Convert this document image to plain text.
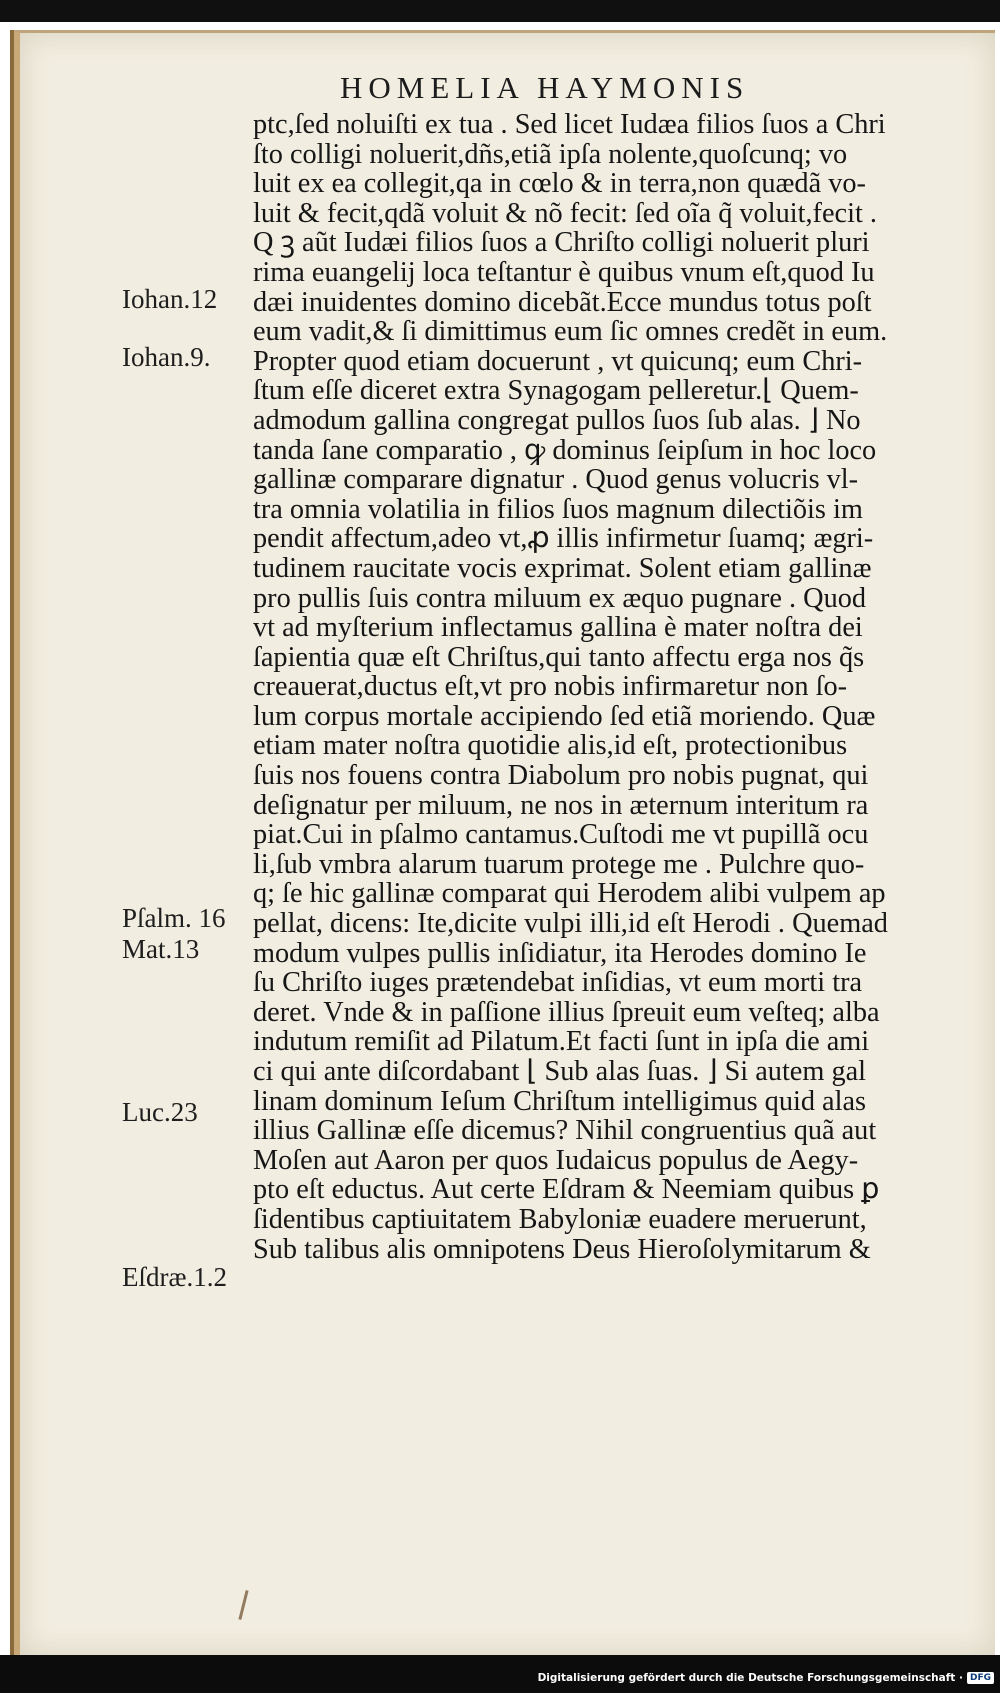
HOMELIA HAYMONIS
ptc,ſed noluiſti ex tua . Sed licet Iudæa filios ſuos a Chri
ſto colligi noluerit,dñs,etiã ipſa nolente,quoſcunq; vo
luit ex ea collegit,qa in cœlo & in terra,non quædã vo-
luit & fecit,qdã voluit & nõ fecit: ſed oĩa q̃ voluit,fecit .
Q ꝫ aũt Iudæi filios ſuos a Chriſto colligi noluerit pluri
rima euangelij loca teſtantur è quibus vnum eſt,quod Iu
dæi inuidentes domino dicebãt.Ecce mundus totus poſt
eum vadit,& ſi dimittimus eum ſic omnes credẽt in eum.
Propter quod etiam docuerunt , vt quicunq; eum Chri-
ſtum eſſe diceret extra Synagogam pelleretur.⌊ Quem-
admodum gallina congregat pullos ſuos ſub alas. ⌋ No
tanda ſane comparatio , ꝙ dominus ſeipſum in hoc loco
gallinæ comparare dignatur . Quod genus volucris vl-
tra omnia volatilia in filios ſuos magnum dilectiõis im
pendit affectum,adeo vt,ꝓ illis infirmetur ſuamq; ægri-
tudinem raucitate vocis exprimat. Solent etiam gallinæ
pro pullis ſuis contra miluum ex æquo pugnare . Quod
vt ad myſterium inflectamus gallina è mater noſtra dei
ſapientia quæ eſt Chriſtus,qui tanto affectu erga nos q̃s
creauerat,ductus eſt,vt pro nobis infirmaretur non ſo-
lum corpus mortale accipiendo ſed etiã moriendo. Quæ
etiam mater noſtra quotidie alis,id eſt, protectionibus
ſuis nos fouens contra Diabolum pro nobis pugnat, qui
deſignatur per miluum, ne nos in æternum interitum ra
piat.Cui in pſalmo cantamus.Cuſtodi me vt pupillã ocu
li,ſub vmbra alarum tuarum protege me . Pulchre quo-
q; ſe hic gallinæ comparat qui Herodem alibi vulpem ap
pellat, dicens: Ite,dicite vulpi illi,id eſt Herodi . Quemad
modum vulpes pullis inſidiatur, ita Herodes domino Ie
ſu Chriſto iuges prætendebat inſidias, vt eum morti tra
deret. Vnde & in paſſione illius ſpreuit eum veſteq; alba
indutum remiſit ad Pilatum.Et facti ſunt in ipſa die ami
ci qui ante diſcordabant ⌊ Sub alas ſuas. ⌋ Si autem gal
linam dominum Ieſum Chriſtum intelligimus quid alas
illius Gallinæ eſſe dicemus? Nihil congruentius quã aut
Moſen aut Aaron per quos Iudaicus populus de Aegy-
pto eſt eductus. Aut certe Eſdram & Neemiam quibus ꝑ
ſidentibus captiuitatem Babyloniæ euadere meruerunt,
Sub talibus alis omnipotens Deus Hieroſolymitarum &
Iohan.12
Iohan.9.
Pſalm. 16
Mat.13
Luc.23
Eſdræ.1.2
Digitalisierung gefördert durch die Deutsche Forschungsgemeinschaft · DFG
